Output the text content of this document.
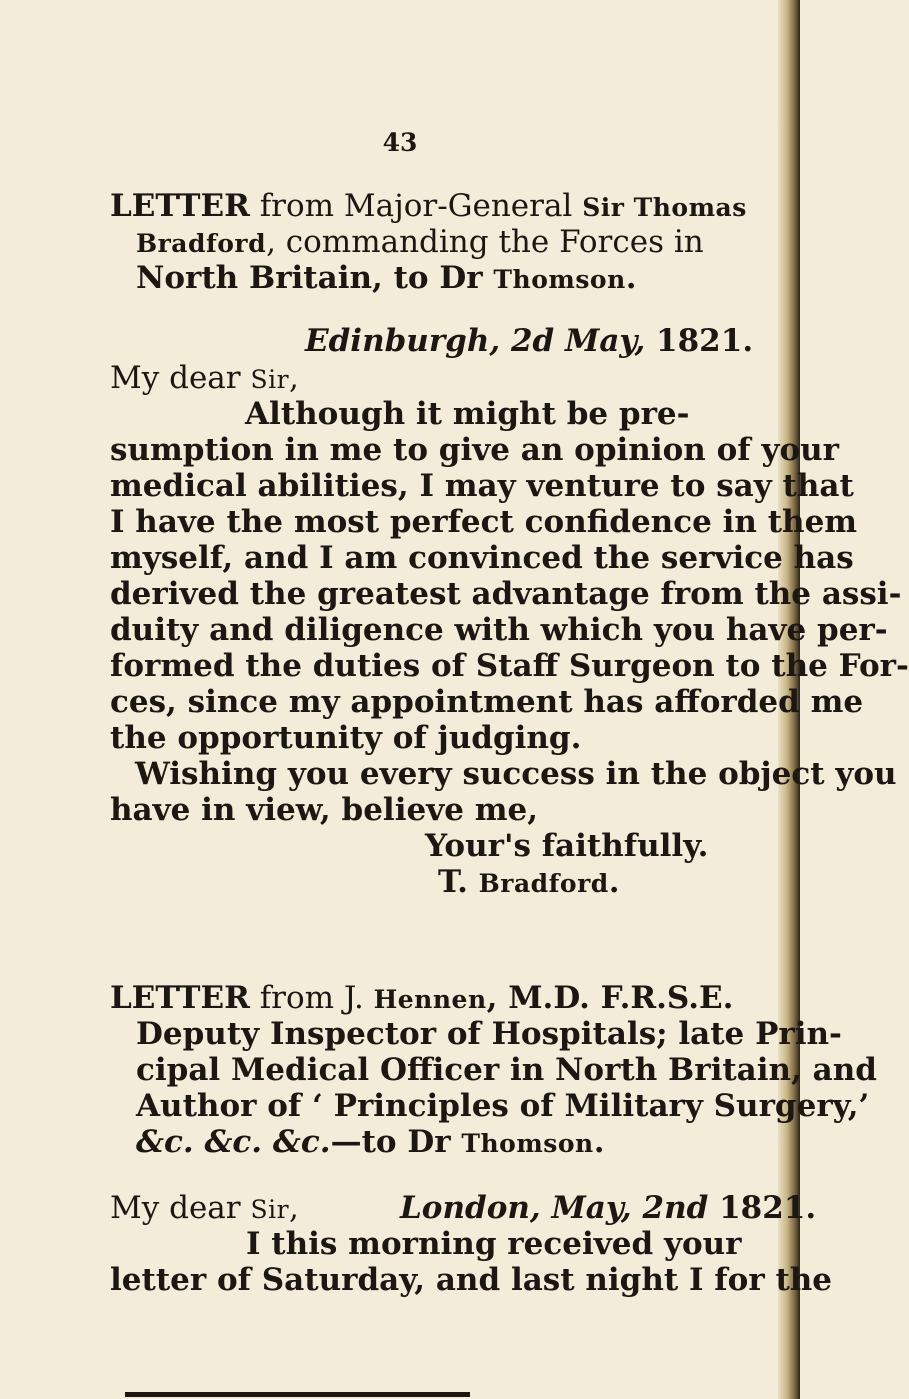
43
LETTER from Major-General Sir Thomas
Bradford, commanding the Forces in
North Britain, to Dr Thomson.
Edinburgh, 2d May, 1821.
My dear Sir,
Although it might be pre-
sumption in me to give an opinion of your
medical abilities, I may venture to say that
I have the most perfect confidence in them
myself, and I am convinced the service has
derived the greatest advantage from the assi-
duity and diligence with which you have per-
formed the duties of Staff Surgeon to the For-
ces, since my appointment has afforded me
the opportunity of judging.
Wishing you every success in the object you
have in view, believe me,
Your's faithfully.
T. Bradford.
LETTER from J. Hennen, M.D. F.R.S.E.
Deputy Inspector of Hospitals; late Prin-
cipal Medical Officer in North Britain, and
Author of ‘ Principles of Military Surgery,’
&c. &c. &c.—to Dr Thomson.
My dear Sir,	London, May, 2nd 1821.
I this morning received your
letter of Saturday, and last night I for the
